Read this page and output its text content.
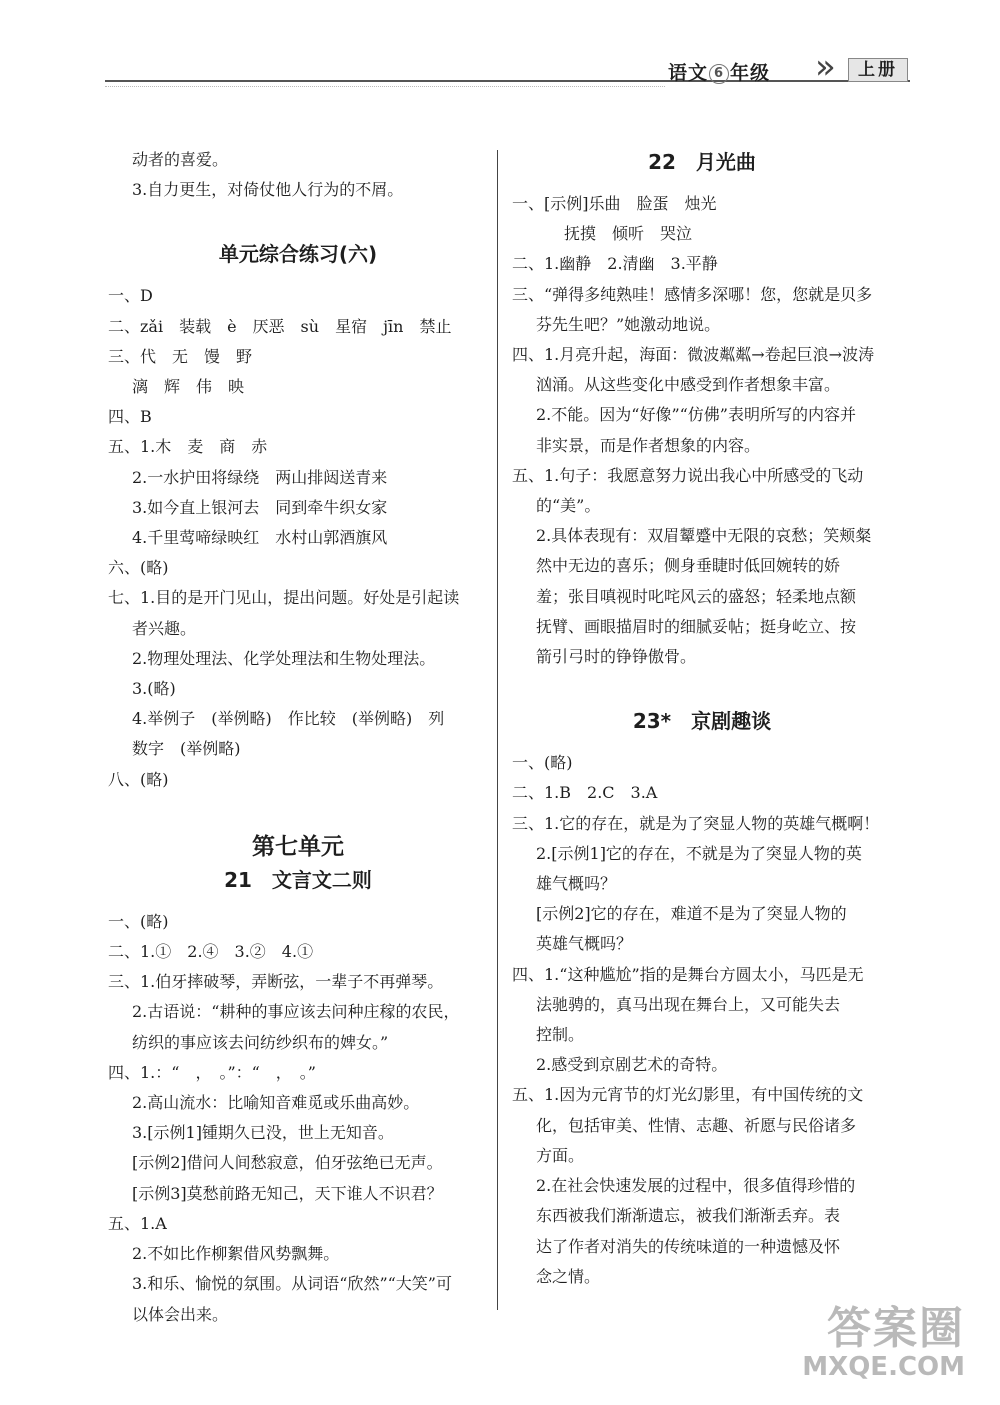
语文 6 年级 »	上册
动者的喜爱。
3.自力更生，对倚仗他人行为的不屑。
单元综合练习(六)
一、D
二、zǎi　装载　è　厌恶　sù　星宿　jīn　禁止
三、代　无　馒　野
漓　辉　伟　映
四、B
五、1.木　麦　商　赤
2.一水护田将绿绕　两山排闼送青来
3.如今直上银河去　同到牵牛织女家
4.千里莺啼绿映红　水村山郭酒旗风
六、(略)
七、1.目的是开门见山，提出问题。好处是引起读
者兴趣。
2.物理处理法、化学处理法和生物处理法。
3.(略)
4.举例子　(举例略)　作比较　(举例略)　列
数字　(举例略)
八、(略)
第七单元
21　文言文二则
一、(略)
二、1.①　2.④　3.②　4.①
三、1.伯牙摔破琴，弄断弦，一辈子不再弹琴。
2.古语说：“耕种的事应该去问种庄稼的农民，
纺织的事应该去问纺纱织布的婢女。”
四、1.：“　，　。”：“　，　。”
2.高山流水：比喻知音难觅或乐曲高妙。
3.[示例1]锺期久已没，世上无知音。
[示例2]借问人间愁寂意，伯牙弦绝已无声。
[示例3]莫愁前路无知己，天下谁人不识君？
五、1.A
2.不如比作柳絮借风势飘舞。
3.和乐、愉悦的氛围。从词语“欣然”“大笑”可
以体会出来。
22　月光曲
一、[示例]乐曲　脸蛋　烛光
　　抚摸　倾听　哭泣
二、1.幽静　2.清幽　3.平静
三、“弹得多纯熟哇！感情多深哪！您，您就是贝多
芬先生吧？”她激动地说。
四、1.月亮升起，海面：微波粼粼→卷起巨浪→波涛
汹涌。从这些变化中感受到作者想象丰富。
2.不能。因为“好像”“仿佛”表明所写的内容并
非实景，而是作者想象的内容。
五、1.句子：我愿意努力说出我心中所感受的飞动
的“美”。
2.具体表现有：双眉颦蹙中无限的哀愁；笑颊粲
然中无边的喜乐；侧身垂睫时低回婉转的娇
羞；张目嗔视时叱咤风云的盛怒；轻柔地点额
抚臂、画眼描眉时的细腻妥帖；挺身屹立、按
箭引弓时的铮铮傲骨。
23*　京剧趣谈
一、(略)
二、1.B　2.C　3.A
三、1.它的存在，就是为了突显人物的英雄气概啊！
2.[示例1]它的存在，不就是为了突显人物的英
雄气概吗？
[示例2]它的存在，难道不是为了突显人物的
英雄气概吗？
四、1.“这种尴尬”指的是舞台方圆太小，马匹是无
法驰骋的，真马出现在舞台上，又可能失去
控制。
2.感受到京剧艺术的奇特。
五、1.因为元宵节的灯光幻影里，有中国传统的文
化，包括审美、性情、志趣、祈愿与民俗诸多
方面。
2.在社会快速发展的过程中，很多值得珍惜的
东西被我们渐渐遗忘，被我们渐渐丢弃。表
达了作者对消失的传统味道的一种遗憾及怀
念之情。
答案圈
MXQE.COM
